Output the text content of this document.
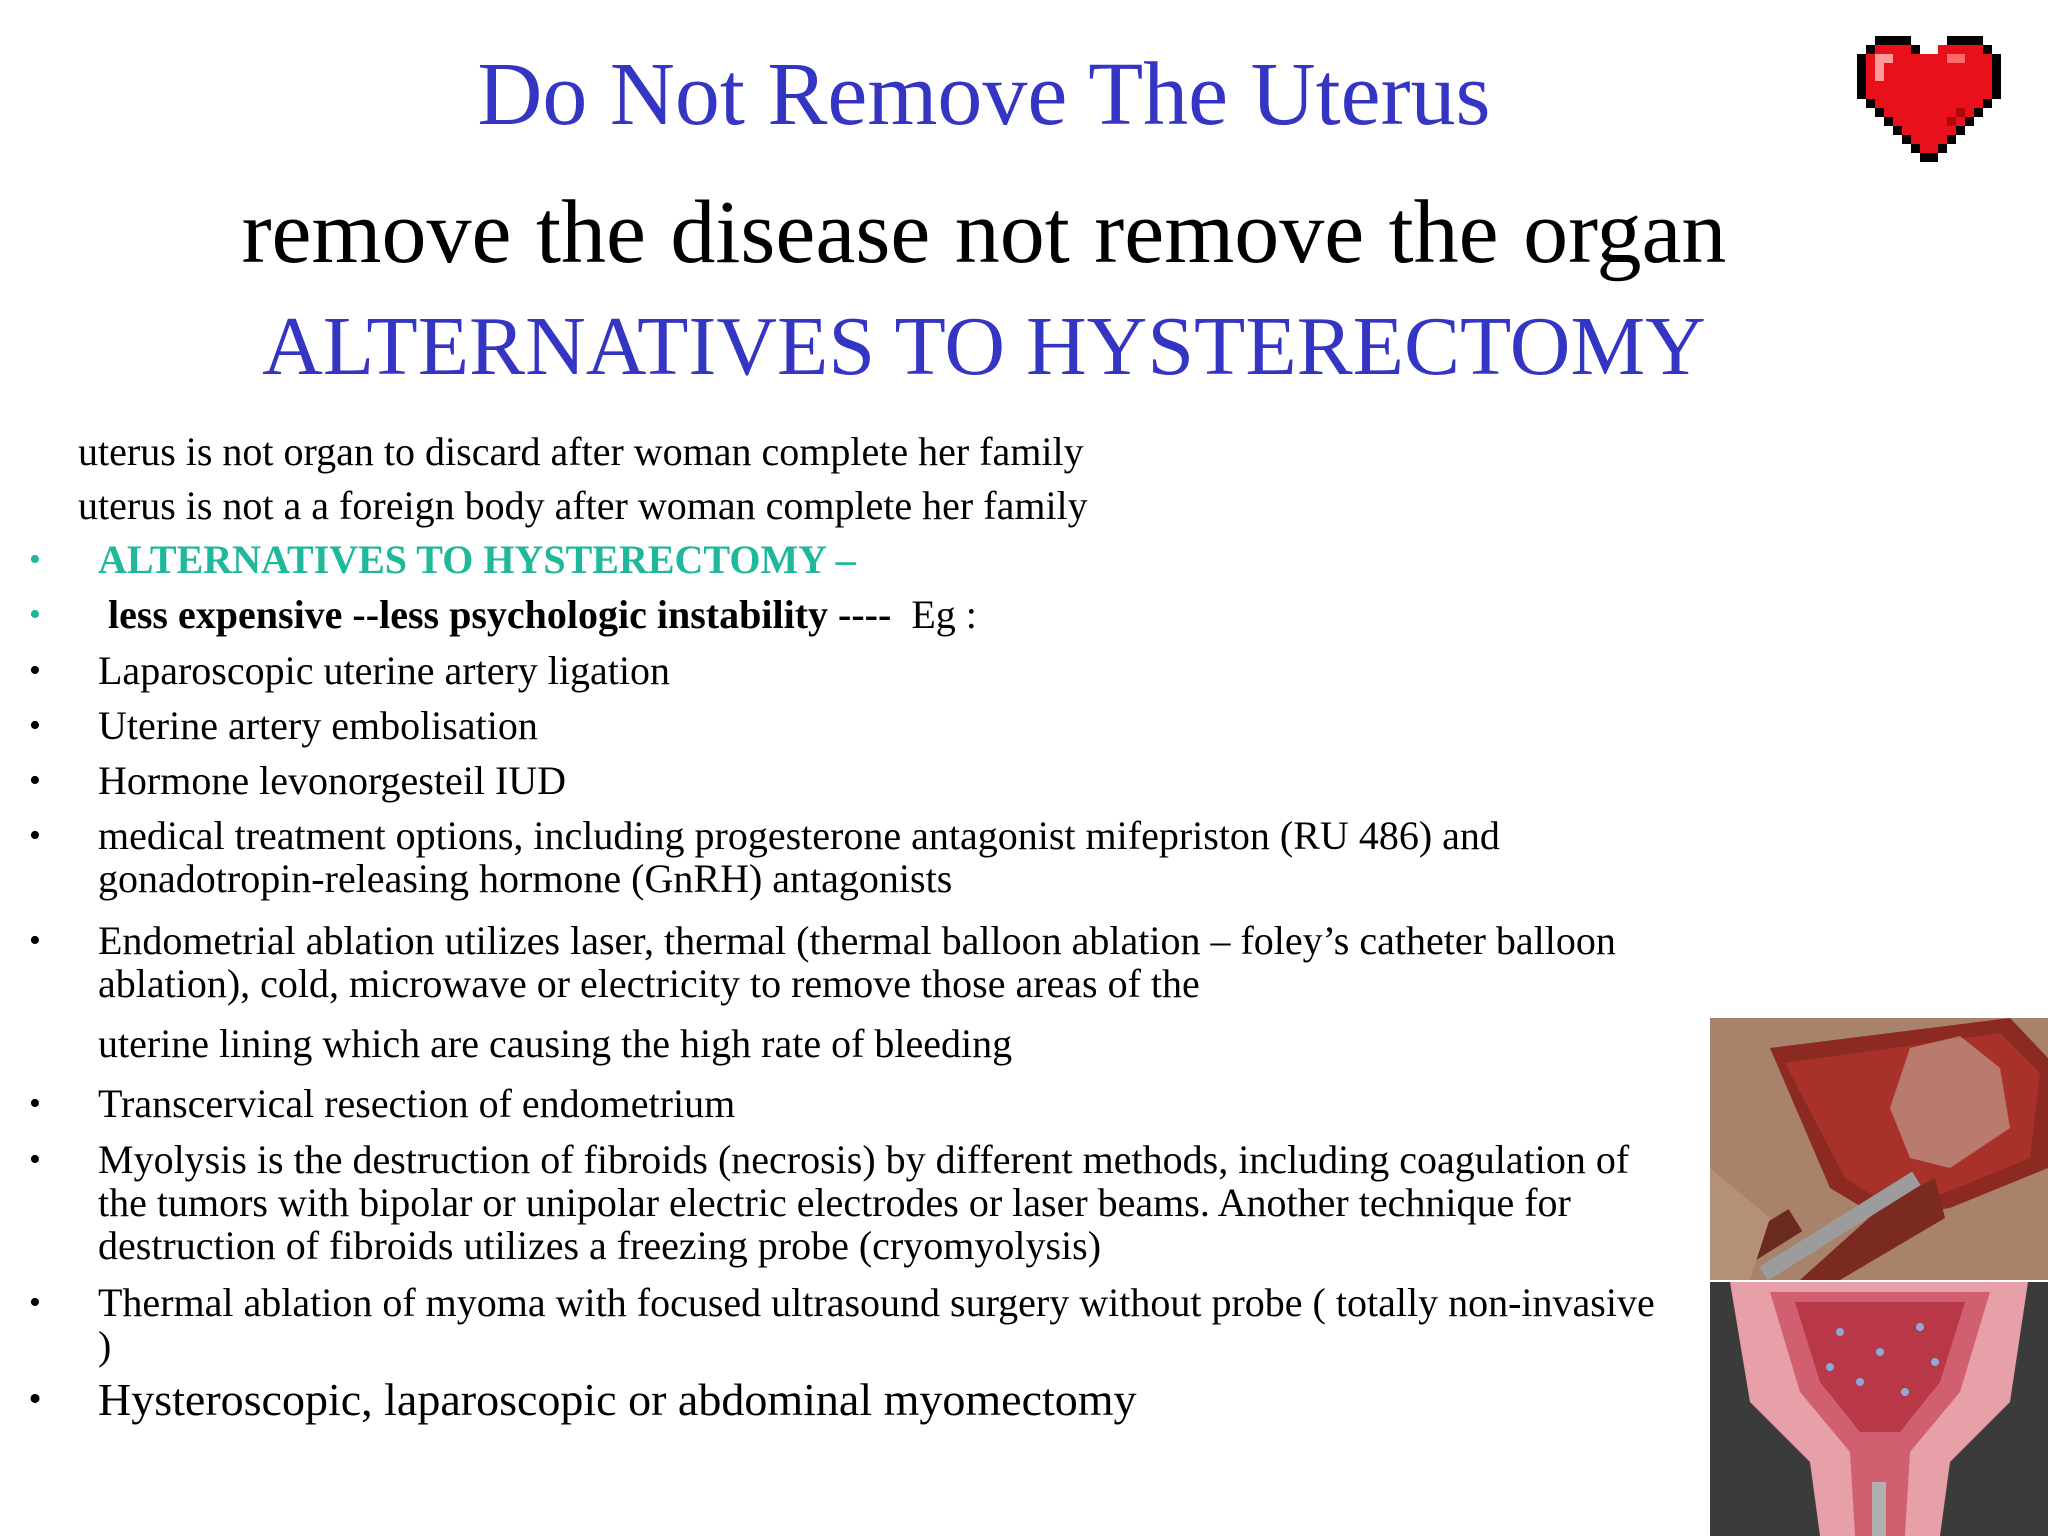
Do Not Remove The Uterus
remove the disease not remove the organ
ALTERNATIVES TO HYSTERECTOMY
uterus is not organ to discard after woman complete her family
uterus is not a a foreign body after woman complete her family
• ALTERNATIVES TO HYSTERECTOMY –
• less expensive --less psychologic instability ----  Eg :
• Laparoscopic uterine artery ligation
• Uterine artery embolisation
• Hormone levonorgesteil IUD
• medical treatment options, including progesterone antagonist mifepriston (RU 486) and gonadotropin-releasing hormone (GnRH) antagonists
• Endometrial ablation utilizes laser, thermal (thermal balloon ablation – foley’s catheter balloon ablation), cold, microwave or electricity to remove those areas of the
uterine lining which are causing the high rate of bleeding
• Transcervical resection of endometrium
• Myolysis is the destruction of fibroids (necrosis) by different methods, including coagulation of the tumors with bipolar or unipolar electric electrodes or laser beams. Another technique for destruction of fibroids utilizes a freezing probe (cryomyolysis)
• Thermal ablation of myoma with focused ultrasound surgery without probe ( totally non-invasive )
• Hysteroscopic, laparoscopic or abdominal myomectomy
